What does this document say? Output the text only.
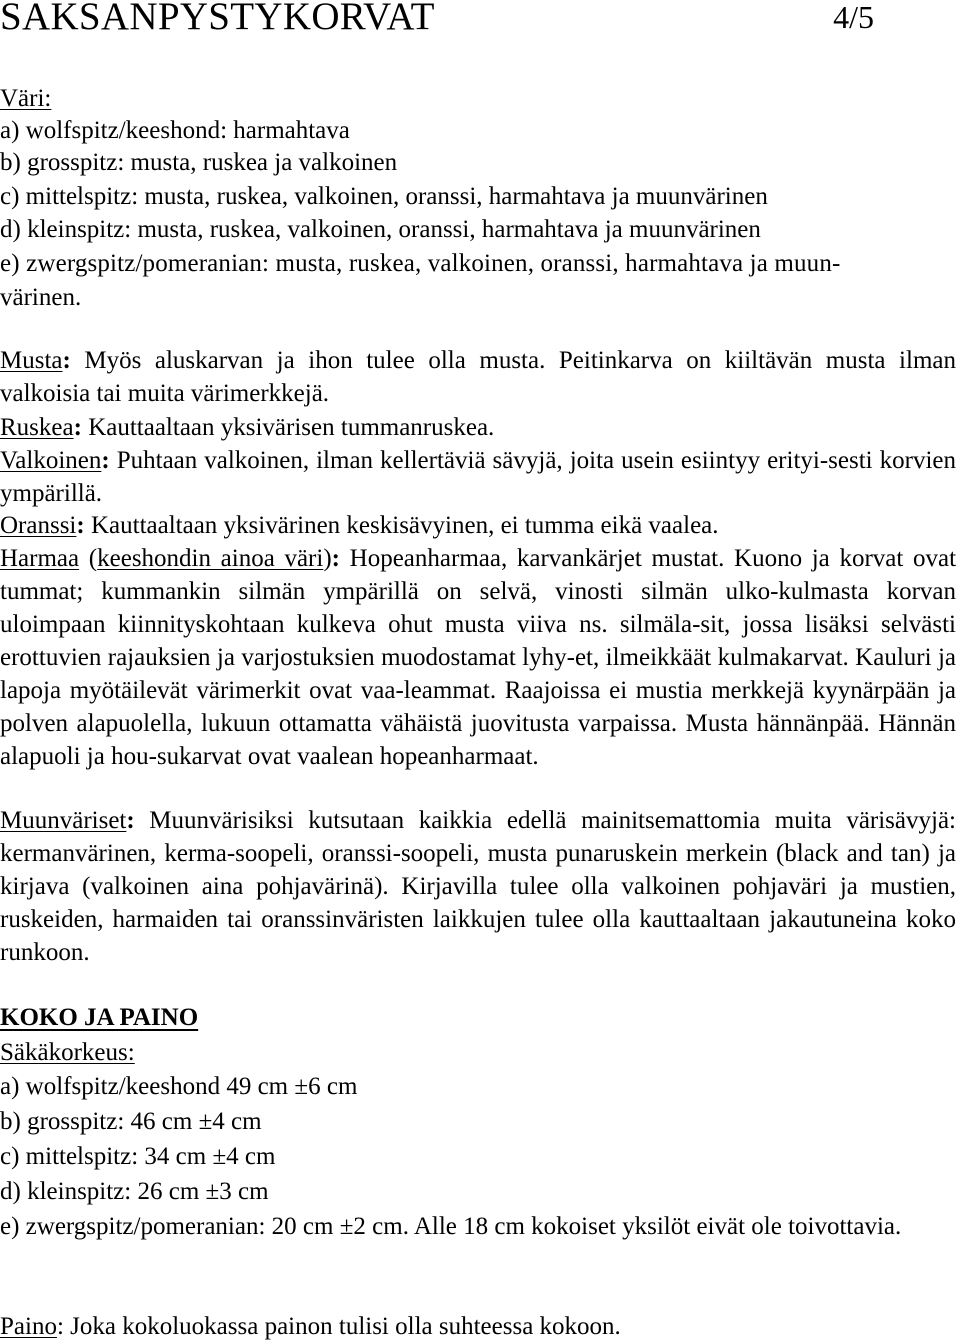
SAKSANPYSTYKORVAT	4/5

Väri:

a) wolfspitz/keeshond: harmahtava

b) grosspitz: musta, ruskea ja valkoinen

c) mittelspitz: musta, ruskea, valkoinen, oranssi, harmahtava ja muunvärinen

d) kleinspitz: musta, ruskea, valkoinen, oranssi, harmahtava ja muunvärinen

e) zwergspitz/pomeranian: musta, ruskea, valkoinen, oranssi, harmahtava ja muun-

värinen.

Musta: Myös aluskarvan ja ihon tulee olla musta. Peitinkarva on kiiltävän musta ilman valkoisia tai muita värimerkkejä.

Ruskea: Kauttaaltaan yksivärisen tummanruskea.

Valkoinen: Puhtaan valkoinen, ilman kellertäviä sävyjä, joita usein esiintyy erityi-sesti korvien ympärillä.

Oranssi: Kauttaaltaan yksivärinen keskisävyinen, ei tumma eikä vaalea.

Harmaa (keeshondin ainoa väri): Hopeanharmaa, karvankärjet mustat. Kuono ja korvat ovat tummat; kummankin silmän ympärillä on selvä, vinosti silmän ulko-kulmasta korvan uloimpaan kiinnityskohtaan kulkeva ohut musta viiva ns. silmäla-sit, jossa lisäksi selvästi erottuvien rajauksien ja varjostuksien muodostamat lyhy-et, ilmeikkäät kulmakarvat. Kauluri ja lapoja myötäilevät värimerkit ovat vaa-leammat. Raajoissa ei mustia merkkejä kyynärpään ja polven alapuolella, lukuun ottamatta vähäistä juovitusta varpaissa. Musta hännänpää. Hännän alapuoli ja hou-sukarvat ovat vaalean hopeanharmaat.

Muunväriset: Muunvärisiksi kutsutaan kaikkia edellä mainitsemattomia muita värisävyjä: kermanvärinen, kerma-soopeli, oranssi-soopeli, musta punaruskein merkein (black and tan) ja kirjava (valkoinen aina pohjavärinä). Kirjavilla tulee olla valkoinen pohjaväri ja mustien, ruskeiden, harmaiden tai oranssinväristen laikkujen tulee olla kauttaaltaan jakautuneina koko runkoon.

KOKO JA PAINO

Säkäkorkeus:

a) wolfspitz/keeshond 49 cm ±6 cm

b) grosspitz: 46 cm ±4 cm

c) mittelspitz: 34 cm ±4 cm

d) kleinspitz: 26 cm ±3 cm

e) zwergspitz/pomeranian: 20 cm ±2 cm. Alle 18 cm kokoiset yksilöt eivät ole toivottavia.

Paino: Joka kokoluokassa painon tulisi olla suhteessa kokoon.
